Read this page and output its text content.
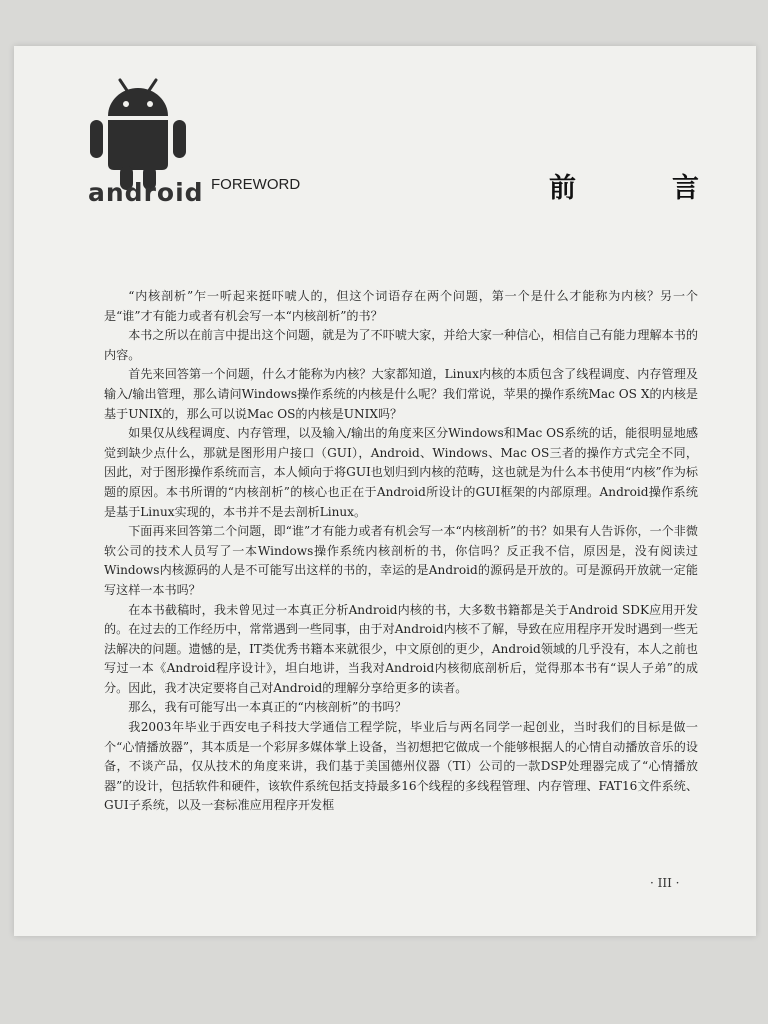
android FOREWORD	前	言

“内核剖析”乍一听起来挺吓唬人的，但这个词语存在两个问题，第一个是什么才能称为内核？另一个是“谁”才有能力或者有机会写一本“内核剖析”的书？

本书之所以在前言中提出这个问题，就是为了不吓唬大家，并给大家一种信心，相信自己有能力理解本书的内容。

首先来回答第一个问题，什么才能称为内核？大家都知道，Linux内核的本质包含了线程调度、内存管理及输入/输出管理，那么请问Windows操作系统的内核是什么呢？我们常说，苹果的操作系统Mac OS X的内核是基于UNIX的，那么可以说Mac OS的内核是UNIX吗？

如果仅从线程调度、内存管理，以及输入/输出的角度来区分Windows和Mac OS系统的话，能很明显地感觉到缺少点什么，那就是图形用户接口（GUI），Android、Windows、Mac OS三者的操作方式完全不同，因此，对于图形操作系统而言，本人倾向于将GUI也划归到内核的范畴，这也就是为什么本书使用“内核”作为标题的原因。本书所谓的“内核剖析”的核心也正在于Android所设计的GUI框架的内部原理。Android操作系统是基于Linux实现的，本书并不是去剖析Linux。

下面再来回答第二个问题，即“谁”才有能力或者有机会写一本“内核剖析”的书？如果有人告诉你，一个非微软公司的技术人员写了一本Windows操作系统内核剖析的书，你信吗？反正我不信，原因是，没有阅读过Windows内核源码的人是不可能写出这样的书的，幸运的是Android的源码是开放的。可是源码开放就一定能写这样一本书吗？

在本书截稿时，我未曾见过一本真正分析Android内核的书，大多数书籍都是关于Android SDK应用开发的。在过去的工作经历中，常常遇到一些同事，由于对Android内核不了解，导致在应用程序开发时遇到一些无法解决的问题。遗憾的是，IT类优秀书籍本来就很少，中文原创的更少，Android领域的几乎没有，本人之前也写过一本《Android程序设计》，坦白地讲，当我对Android内核彻底剖析后，觉得那本书有“误人子弟”的成分。因此，我才决定要将自己对Android的理解分享给更多的读者。

那么，我有可能写出一本真正的“内核剖析”的书吗？

我2003年毕业于西安电子科技大学通信工程学院，毕业后与两名同学一起创业，当时我们的目标是做一个“心情播放器”，其本质是一个彩屏多媒体掌上设备，当初想把它做成一个能够根据人的心情自动播放音乐的设备，不谈产品，仅从技术的角度来讲，我们基于美国德州仪器（TI）公司的一款DSP处理器完成了“心情播放器”的设计，包括软件和硬件，该软件系统包括支持最多16个线程的多线程管理、内存管理、FAT16文件系统、GUI子系统，以及一套标准应用程序开发框

· III ·
